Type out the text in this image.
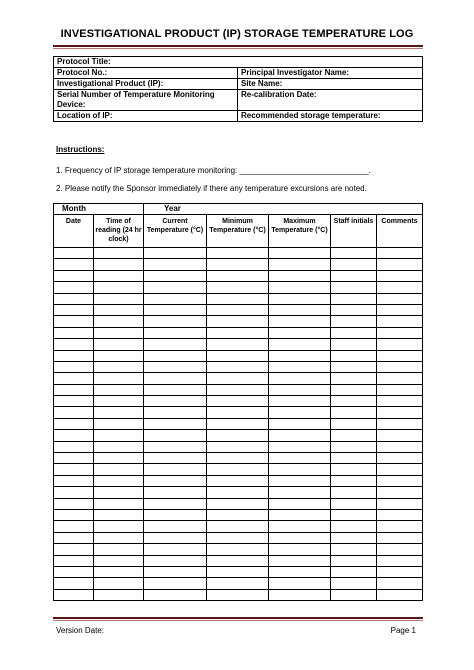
INVESTIGATIONAL PRODUCT (IP) STORAGE TEMPERATURE LOG
Protocol Title:	
Protocol No.:	Principal Investigator Name:
Investigational Product (IP):	Site Name:
Serial Number of Temperature Monitoring Device:	Re-calibration Date:
Location of IP:	Recommended storage temperature:
Instructions:
1. Frequency of IP storage temperature monitoring: _____________________________.
2. Please notify the Sponsor immediately if there any temperature excursions are noted.
Month		Year				
Date	Time of reading (24 hr clock)	Current Temperature (°C)	Minimum Temperature (°C)	Maximum Temperature (°C)	Staff initials	Comments

Version Date:	Page 1
